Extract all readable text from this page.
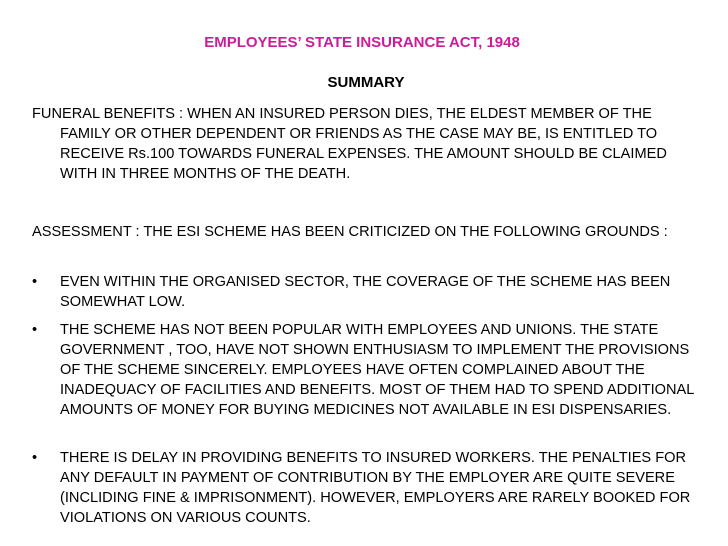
EMPLOYEES’ STATE INSURANCE ACT, 1948
SUMMARY
FUNERAL BENEFITS : WHEN AN INSURED PERSON DIES, THE ELDEST MEMBER OF THE FAMILY OR OTHER DEPENDENT OR FRIENDS AS THE CASE MAY BE, IS ENTITLED TO RECEIVE Rs.100 TOWARDS FUNERAL EXPENSES. THE AMOUNT SHOULD BE CLAIMED WITH IN THREE MONTHS OF THE DEATH.
ASSESSMENT : THE ESI SCHEME HAS BEEN CRITICIZED ON THE FOLLOWING GROUNDS :
•	EVEN WITHIN THE ORGANISED SECTOR, THE COVERAGE OF THE SCHEME HAS BEEN SOMEWHAT LOW.
•	THE SCHEME HAS NOT BEEN POPULAR WITH EMPLOYEES AND UNIONS. THE STATE GOVERNMENT , TOO, HAVE NOT SHOWN ENTHUSIASM TO IMPLEMENT THE PROVISIONS OF THE SCHEME SINCERELY. EMPLOYEES HAVE OFTEN COMPLAINED ABOUT THE INADEQUACY OF FACILITIES AND BENEFITS. MOST OF THEM HAD TO SPEND ADDITIONAL AMOUNTS OF MONEY FOR BUYING MEDICINES NOT AVAILABLE IN ESI DISPENSARIES.
•	THERE IS DELAY IN PROVIDING BENEFITS TO INSURED WORKERS. THE PENALTIES FOR ANY DEFAULT IN PAYMENT OF CONTRIBUTION BY THE EMPLOYER ARE QUITE SEVERE (INCLIDING FINE & IMPRISONMENT). HOWEVER, EMPLOYERS ARE RARELY BOOKED FOR VIOLATIONS ON VARIOUS COUNTS.
